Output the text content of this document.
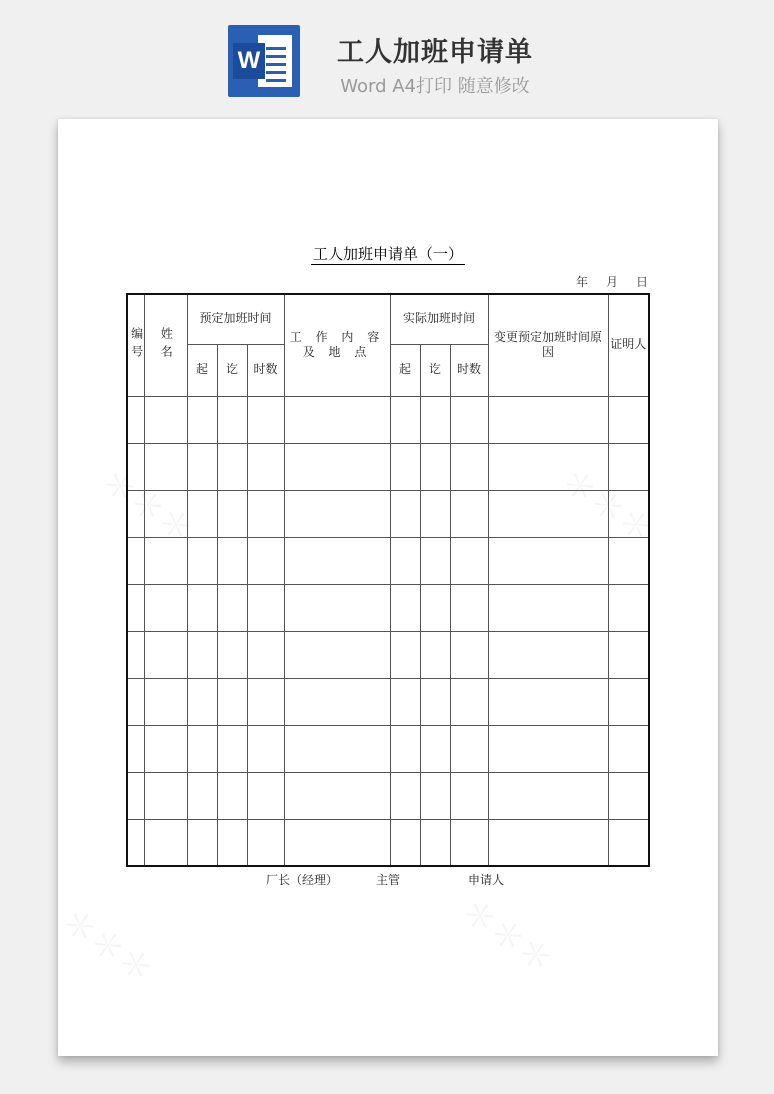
W	工人加班申请单
Word A4打印 随意修改
工人加班申请单（一）
年 月 日
编号	姓名	预定加班时间			工 作 内 容 及 地 点	实际加班时间			变更预定加班时间原因	证明人
		起	讫	时数		起	讫	时数		

厂长（经理）	主管	申请人
